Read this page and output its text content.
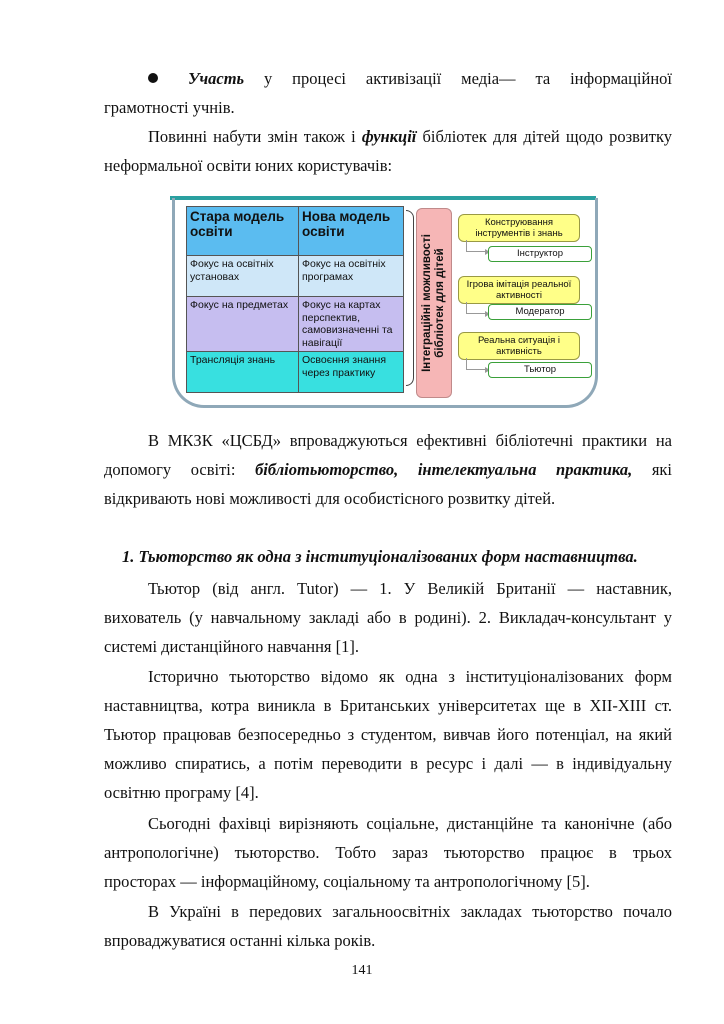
Участь у процесі активізації медіа— та інформаційної
грамотності учнів.
Повинні набути змін також і функції бібліотек для дітей щодо розвитку
неформальної освіти юних користувачів:
Стара модель освіти	Нова модель освіти
Фокус на освітніх установах	Фокус на освітніх програмах
Фокус на предметах	Фокус на картах перспектив, самовизначенні та навігації
Трансляція знань	Освоєння знання через практику
Інтеграційні можливості бібліотек для дітей
Конструювання інструментів і знань
Інструктор
Ігрова імітація реальної активності
Модератор
Реальна ситуація і активність
Тьютор
В МКЗК «ЦСБД» впроваджуються ефективні бібліотечні практики на
допомогу освіті: бібліотьюторство, інтелектуальна практика, які
відкривають нові можливості для особистісного розвитку дітей.
1. Тьюторство як одна з інституціоналізованих форм наставництва.
Тьютор (від англ. Tutor) — 1. У Великій Британії — наставник,
вихователь (у навчальному закладі або в родині). 2. Викладач-консультант у
системі дистанційного навчання [1].
Історично тьюторство відомо як одна з інституціоналізованих форм
наставництва, котра виникла в Британських університетах ще в XII-XIII ст.
Тьютор працював безпосередньо з студентом, вивчав його потенціал, на який
можливо спиратись, а потім переводити в ресурс і далі — в індивідуальну
освітню програму [4].
Сьогодні фахівці вирізняють соціальне, дистанційне та канонічне (або
антропологічне) тьюторство. Тобто зараз тьюторство працює в трьох
просторах — інформаційному, соціальному та антропологічному [5].
В Україні в передових загальноосвітніх закладах тьюторство почало
впроваджуватися останні кілька років.
141
